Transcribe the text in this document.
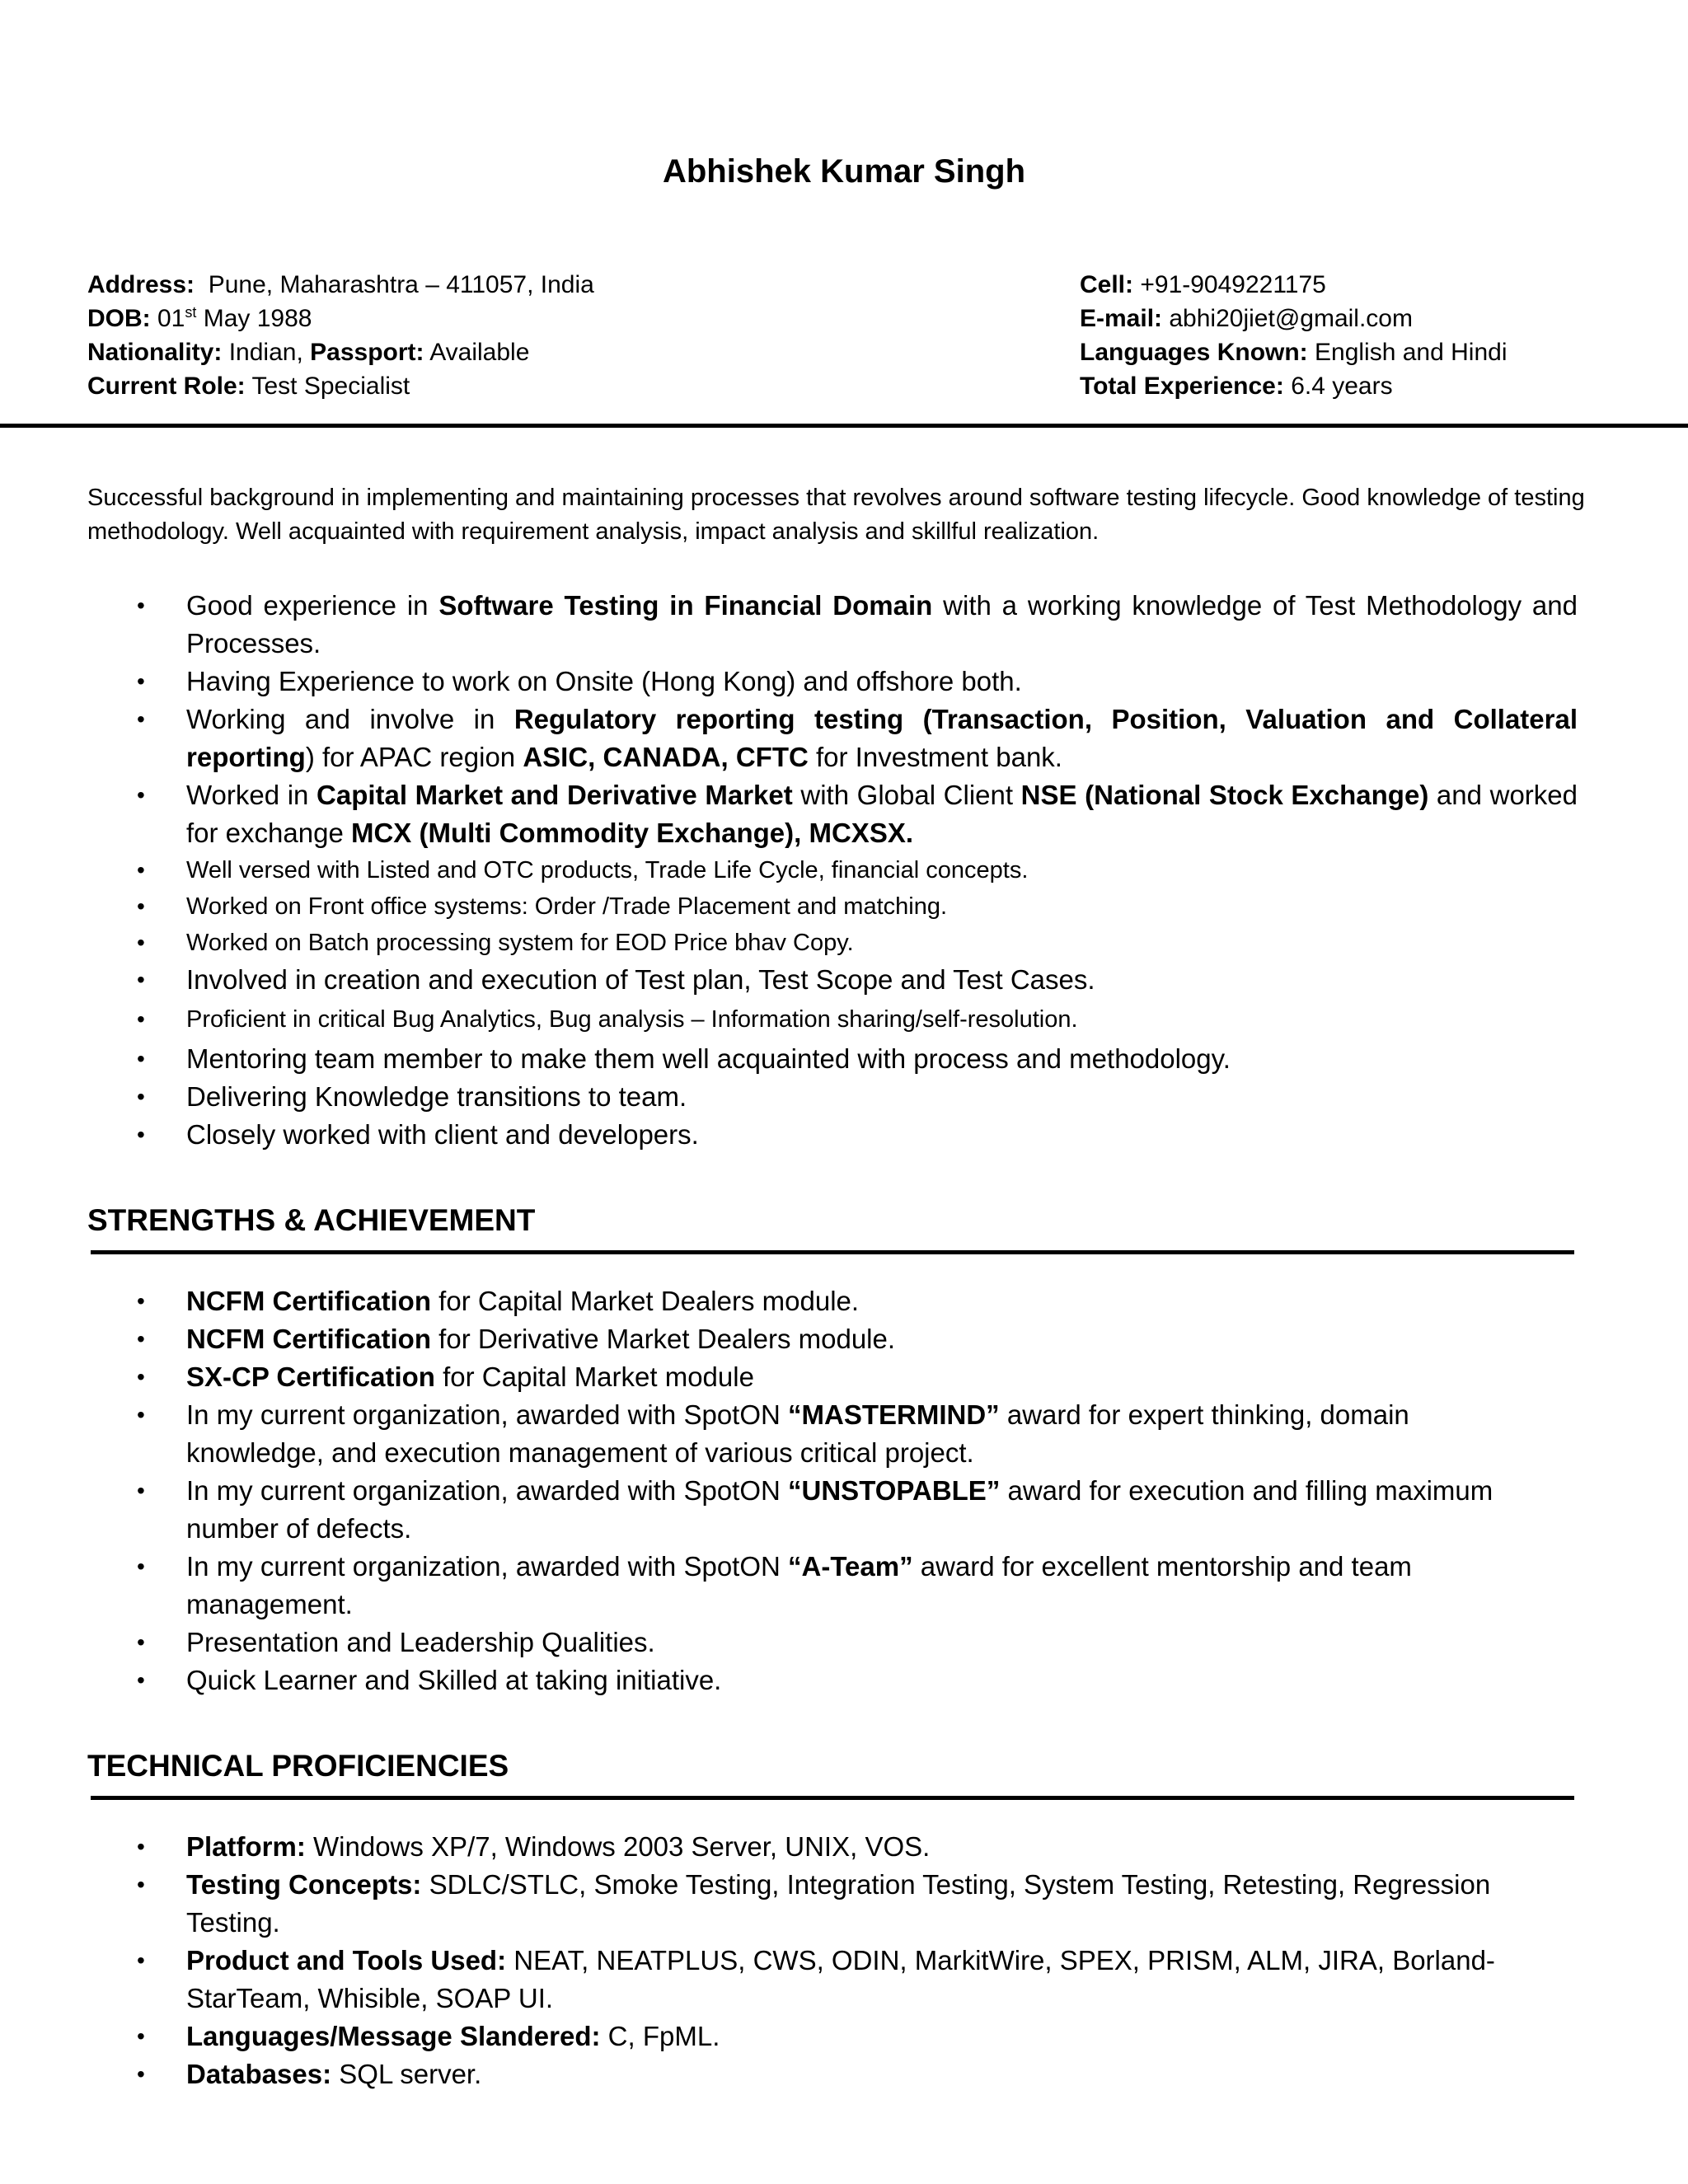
Abhishek Kumar Singh
Address: Pune, Maharashtra – 411057, India
DOB: 01st May 1988
Nationality: Indian, Passport: Available
Current Role: Test Specialist
Cell: +91-9049221175
E-mail: abhi20jiet@gmail.com
Languages Known: English and Hindi
Total Experience: 6.4 years
Successful background in implementing and maintaining processes that revolves around software testing lifecycle. Good knowledge of testing methodology. Well acquainted with requirement analysis, impact analysis and skillful realization.
• Good experience in Software Testing in Financial Domain with a working knowledge of Test Methodology and Processes.
• Having Experience to work on Onsite (Hong Kong) and offshore both.
• Working and involve in Regulatory reporting testing (Transaction, Position, Valuation and Collateral reporting) for APAC region ASIC, CANADA, CFTC for Investment bank.
• Worked in Capital Market and Derivative Market with Global Client NSE (National Stock Exchange) and worked for exchange MCX (Multi Commodity Exchange), MCXSX.
• Well versed with Listed and OTC products, Trade Life Cycle, financial concepts.
• Worked on Front office systems: Order /Trade Placement and matching.
• Worked on Batch processing system for EOD Price bhav Copy.
• Involved in creation and execution of Test plan, Test Scope and Test Cases.
• Proficient in critical Bug Analytics, Bug analysis – Information sharing/self-resolution.
• Mentoring team member to make them well acquainted with process and methodology.
• Delivering Knowledge transitions to team.
• Closely worked with client and developers.
STRENGTHS & ACHIEVEMENT
• NCFM Certification for Capital Market Dealers module.
• NCFM Certification for Derivative Market Dealers module.
• SX-CP Certification for Capital Market module
• In my current organization, awarded with SpotON “MASTERMIND” award for expert thinking, domain knowledge, and execution management of various critical project.
• In my current organization, awarded with SpotON “UNSTOPABLE” award for execution and filling maximum number of defects.
• In my current organization, awarded with SpotON “A-Team” award for excellent mentorship and team management.
• Presentation and Leadership Qualities.
• Quick Learner and Skilled at taking initiative.
TECHNICAL PROFICIENCIES
• Platform: Windows XP/7, Windows 2003 Server, UNIX, VOS.
• Testing Concepts: SDLC/STLC, Smoke Testing, Integration Testing, System Testing, Retesting, Regression Testing.
• Product and Tools Used: NEAT, NEATPLUS, CWS, ODIN, MarkitWire, SPEX, PRISM, ALM, JIRA, Borland-StarTeam, Whisible, SOAP UI.
• Languages/Message Slandered: C, FpML.
• Databases: SQL server.
